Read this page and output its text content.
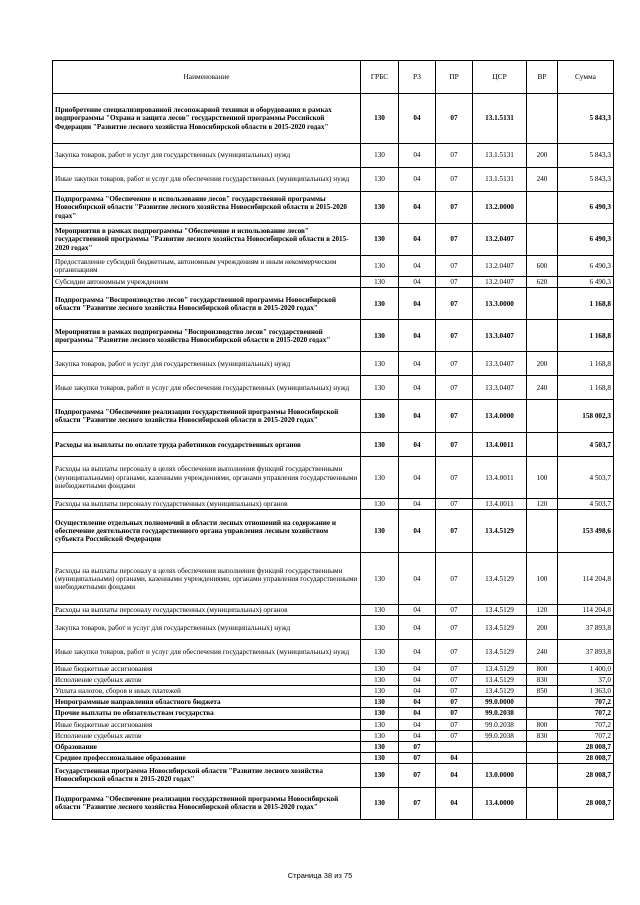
Наименование	ГРБС	РЗ	ПР	ЦСР	ВР	Сумма
Приобретение специализированной лесопожарной техники и оборудования в рамках подпрограммы "Охрана и защита лесов" государственной программы Российской Федерации "Развитие лесного хозяйства Новосибирской области в 2015-2020 годах"	130	04	07	13.1.5131		5 843,3
Закупка товаров, работ и услуг для государственных (муниципальных) нужд	130	04	07	13.1.5131	200	5 843,3
Иные закупки товаров, работ и услуг для обеспечения государственных (муниципальных) нужд	130	04	07	13.1.5131	240	5 843,3
Подпрограмма "Обеспечение и использование лесов" государственной программы Новосибирской области "Развитие лесного хозяйства Новосибирской области в 2015-2020 годах"	130	04	07	13.2.0000		6 490,3
Мероприятия в рамках подпрограммы "Обеспечение и использование лесов" государственной программы "Развитие лесного хозяйства Новосибирской области в 2015-2020 годах"	130	04	07	13.2.0407		6 490,3
Предоставление субсидий бюджетным, автономным учреждениям и иным некоммерческим организациям	130	04	07	13.2.0407	600	6 490,3
Субсидии автономным учреждениям	130	04	07	13.2.0407	620	6 490,3
Подпрограмма "Воспроизводство лесов" государственной программы Новосибирской области "Развитие лесного хозяйства Новосибирской области в 2015-2020 годах"	130	04	07	13.3.0000		1 168,8
Мероприятия в рамках подпрограммы "Воспроизводство лесов" государственной программы "Развитие лесного хозяйства Новосибирской области в 2015-2020 годах"	130	04	07	13.3.0407		1 168,8
Закупка товаров, работ и услуг для государственных (муниципальных) нужд	130	04	07	13.3.0407	200	1 168,8
Иные закупки товаров, работ и услуг для обеспечения государственных (муниципальных) нужд	130	04	07	13.3.0407	240	1 168,8
Подпрограмма "Обеспечение реализации государственной программы Новосибирской области "Развитие лесного хозяйства Новосибирской области в 2015-2020 годах"	130	04	07	13.4.0000		158 002,3
Расходы на выплаты по оплате труда работников государственных органов	130	04	07	13.4.0011		4 503,7
Расходы на выплаты персоналу в целях обеспечения выполнения функций государственными (муниципальными) органами, казенными учреждениями, органами управления государственными внебюджетными фондами	130	04	07	13.4.0011	100	4 503,7
Расходы на выплаты персоналу государственных (муниципальных) органов	130	04	07	13.4.0011	120	4 503,7
Осуществление отдельных полномочий в области лесных отношений на содержание и обеспечение деятельности государственного органа управления лесным хозяйством субъекта Российской Федерации	130	04	07	13.4.5129		153 498,6
Расходы на выплаты персоналу в целях обеспечения выполнения функций государственными (муниципальными) органами, казенными учреждениями, органами управления государственными внебюджетными фондами	130	04	07	13.4.5129	100	114 204,8
Расходы на выплаты персоналу государственных (муниципальных) органов	130	04	07	13.4.5129	120	114 204,8
Закупка товаров, работ и услуг для государственных (муниципальных) нужд	130	04	07	13.4.5129	200	37 893,8
Иные закупки товаров, работ и услуг для обеспечения государственных (муниципальных) нужд	130	04	07	13.4.5129	240	37 893,8
Иные бюджетные ассигнования	130	04	07	13.4.5129	800	1 400,0
Исполнение судебных актов	130	04	07	13.4.5129	830	37,0
Уплата налогов, сборов и иных платежей	130	04	07	13.4.5129	850	1 363,0
Непрограммные направления областного бюджета	130	04	07	99.0.0000		707,2
Прочие выплаты по обязательствам государства	130	04	07	99.0.2038		707,2
Иные бюджетные ассигнования	130	04	07	99.0.2038	800	707,2
Исполнение судебных актов	130	04	07	99.0.2038	830	707,2
Образование	130	07				28 008,7
Среднее профессиональное образование	130	07	04			28 008,7
Государственная программа Новосибирской области "Развитие лесного хозяйства Новосибирской области в 2015-2020 годах"	130	07	04	13.0.0000		28 008,7
Подпрограмма "Обеспечение реализации государственной программы Новосибирской области "Развитие лесного хозяйства Новосибирской области в 2015-2020 годах"	130	07	04	13.4.0000		28 008,7
Страница 38 из 75
